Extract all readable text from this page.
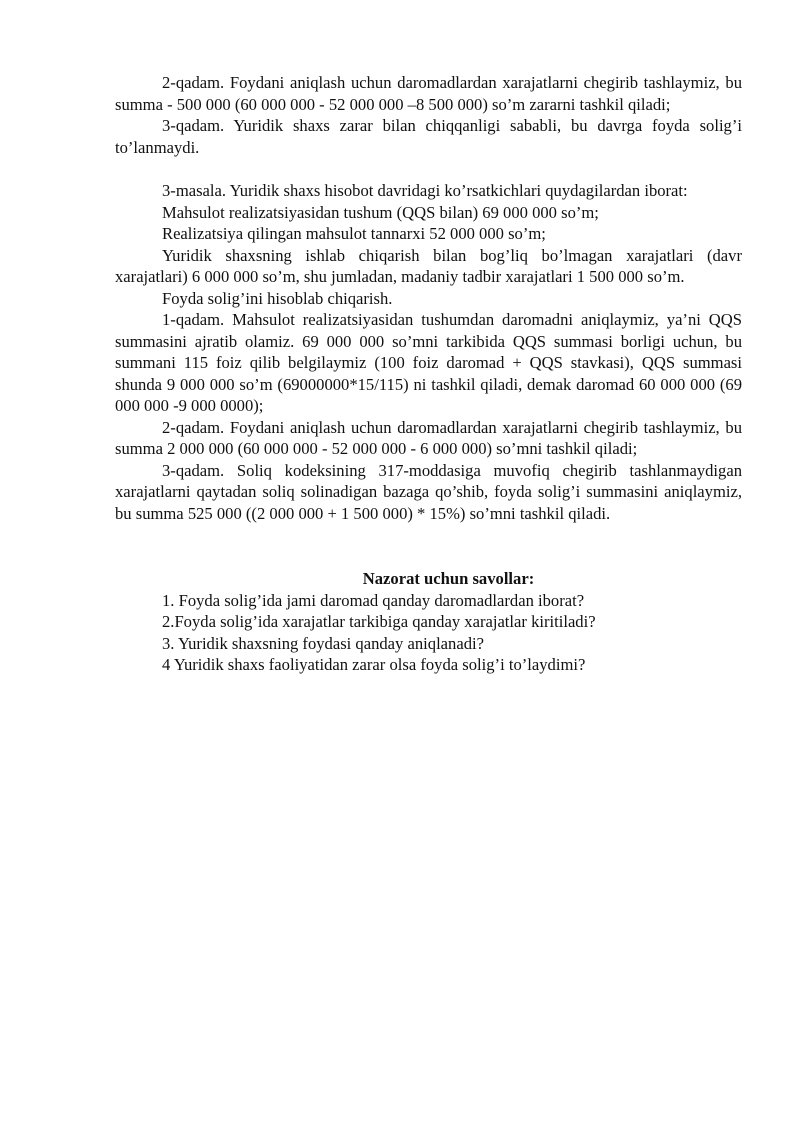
2-qadam. Foydani aniqlash uchun daromadlardan xarajatlarni chegirib tashlaymiz, bu summa - 500 000 (60 000 000 - 52 000 000 –8 500 000) so’m zararni tashkil qiladi;

3-qadam. Yuridik shaxs zarar bilan chiqqanligi sababli, bu davrga foyda solig’i to’lanmaydi.

3-masala. Yuridik shaxs hisobot davridagi ko’rsatkichlari quydagilardan iborat:

Mahsulot realizatsiyasidan tushum (QQS bilan) 69 000 000 so’m;

Realizatsiya qilingan mahsulot tannarxi 52 000 000 so’m;

Yuridik shaxsning ishlab chiqarish bilan bog’liq bo’lmagan xarajatlari (davr xarajatlari) 6 000 000 so’m, shu jumladan, madaniy tadbir xarajatlari 1 500 000 so’m.

Foyda solig’ini hisoblab chiqarish.

1-qadam. Mahsulot realizatsiyasidan tushumdan daromadni aniqlaymiz, ya’ni QQS summasini ajratib olamiz. 69 000 000 so’mni tarkibida QQS summasi borligi uchun, bu summani 115 foiz qilib belgilaymiz (100 foiz daromad + QQS stavkasi), QQS summasi shunda 9 000 000 so’m (69000000*15/115) ni tashkil qiladi, demak daromad 60 000 000 (69 000 000 -9 000 0000);

2-qadam. Foydani aniqlash uchun daromadlardan xarajatlarni chegirib tashlaymiz, bu summa 2 000 000 (60 000 000 - 52 000 000 - 6 000 000) so’mni tashkil qiladi;

3-qadam. Soliq kodeksining 317-moddasiga muvofiq chegirib tashlanmaydigan xarajatlarni qaytadan soliq solinadigan bazaga qo’shib, foyda solig’i summasini aniqlaymiz, bu summa 525 000 ((2 000 000 + 1 500 000) * 15%) so’mni tashkil qiladi.

Nazorat uchun savollar:

1. Foyda solig’ida jami daromad qanday daromadlardan iborat?

2.Foyda solig’ida xarajatlar tarkibiga qanday xarajatlar kiritiladi?

3. Yuridik shaxsning foydasi qanday aniqlanadi?

4 Yuridik shaxs faoliyatidan zarar olsa foyda solig’i to’laydimi?
